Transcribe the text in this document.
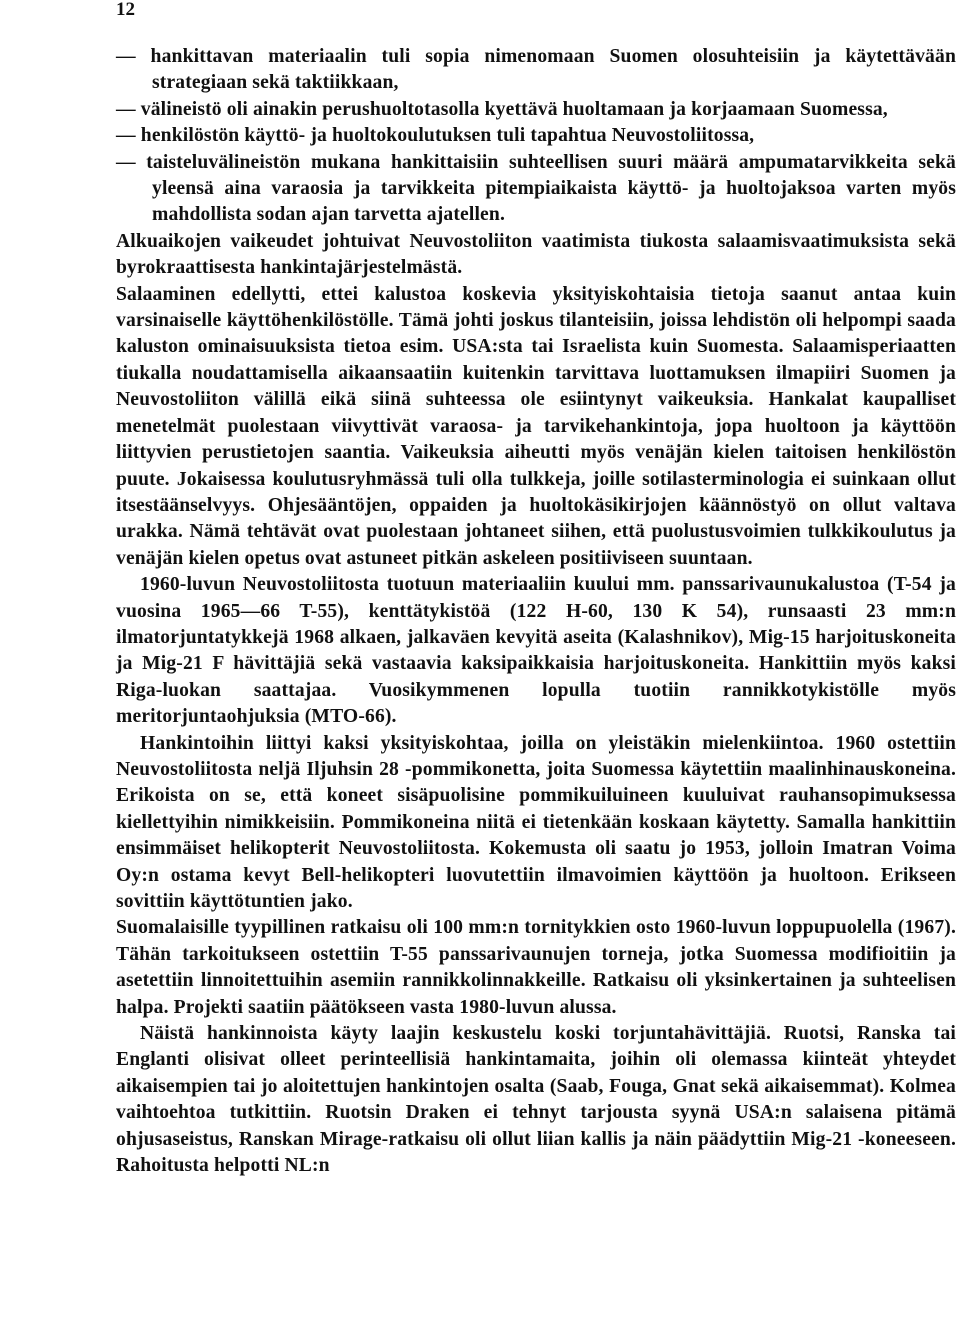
12

— hankittavan materiaalin tuli sopia nimenomaan Suomen olosuhteisiin ja käytettävään strategiaan sekä taktiikkaan,

— välineistö oli ainakin perushuoltotasolla kyettävä huoltamaan ja korjaamaan Suomessa,

— henkilöstön käyttö- ja huoltokoulutuksen tuli tapahtua Neuvostoliitossa,

— taisteluvälineistön mukana hankittaisiin suhteellisen suuri määrä ampumatarvikkeita sekä yleensä aina varaosia ja tarvikkeita pitempiaikaista käyttö- ja huoltojaksoa varten myös mahdollista sodan ajan tarvetta ajatellen.

Alkuaikojen vaikeudet johtuivat Neuvostoliiton vaatimista tiukosta salaamisvaatimuksista sekä byrokraattisesta hankintajärjestelmästä.

Salaaminen edellytti, ettei kalustoa koskevia yksityiskohtaisia tietoja saanut antaa kuin varsinaiselle käyttöhenkilöstölle. Tämä johti joskus tilanteisiin, joissa lehdistön oli helpompi saada kaluston ominaisuuksista tietoa esim. USA:sta tai Israelista kuin Suomesta. Salaamisperiaatten tiukalla noudattamisella aikaansaatiin kuitenkin tarvittava luottamuksen ilmapiiri Suomen ja Neuvostoliiton välillä eikä siinä suhteessa ole esiintynyt vaikeuksia. Hankalat kaupalliset menetelmät puolestaan viivyttivät varaosa- ja tarvikehankintoja, jopa huoltoon ja käyttöön liittyvien perustietojen saantia. Vaikeuksia aiheutti myös venäjän kielen taitoisen henkilöstön puute. Jokaisessa koulutusryhmässä tuli olla tulkkeja, joille sotilasterminologia ei suinkaan ollut itsestäänselvyys. Ohjesääntöjen, oppaiden ja huoltokäsikirjojen käännöstyö on ollut valtava urakka. Nämä tehtävät ovat puolestaan johtaneet siihen, että puolustusvoimien tulkkikoulutus ja venäjän kielen opetus ovat astuneet pitkän askeleen positiiviseen suuntaan.

1960-luvun Neuvostoliitosta tuotuun materiaaliin kuului mm. panssarivaunukalustoa (T-54 ja vuosina 1965—66 T-55), kenttätykistöä (122 H-60, 130 K 54), runsaasti 23 mm:n ilmatorjuntatykkejä 1968 alkaen, jalkaväen kevyitä aseita (Kalashnikov), Mig-15 harjoituskoneita ja Mig-21 F hävittäjiä sekä vastaavia kaksipaikkaisia harjoituskoneita. Hankittiin myös kaksi Riga-luokan saattajaa. Vuosikymmenen lopulla tuotiin rannikkotykistölle myös meritorjuntaohjuksia (MTO-66).

Hankintoihin liittyi kaksi yksityiskohtaa, joilla on yleistäkin mielenkiintoa. 1960 ostettiin Neuvostoliitosta neljä Iljuhsin 28 -pommikonetta, joita Suomessa käytettiin maalinhinauskoneina. Erikoista on se, että koneet sisäpuolisine pommikuiluineen kuuluivat rauhansopimuksessa kiellettyihin nimikkeisiin. Pommikoneina niitä ei tietenkään koskaan käytetty. Samalla hankittiin ensimmäiset helikopterit Neuvostoliitosta. Kokemusta oli saatu jo 1953, jolloin Imatran Voima Oy:n ostama kevyt Bell-helikopteri luovutettiin ilmavoimien käyttöön ja huoltoon. Erikseen sovittiin käyttötuntien jako.

Suomalaisille tyypillinen ratkaisu oli 100 mm:n tornitykkien osto 1960-luvun loppupuolella (1967). Tähän tarkoitukseen ostettiin T-55 panssarivaunujen torneja, jotka Suomessa modifioitiin ja asetettiin linnoitettuihin asemiin rannikkolinnakkeille. Ratkaisu oli yksinkertainen ja suhteelisen halpa. Projekti saatiin päätökseen vasta 1980-luvun alussa.

Näistä hankinnoista käyty laajin keskustelu koski torjuntahävittäjiä. Ruotsi, Ranska tai Englanti olisivat olleet perinteellisiä hankintamaita, joihin oli olemassa kiinteät yhteydet aikaisempien tai jo aloitettujen hankintojen osalta (Saab, Fouga, Gnat sekä aikaisemmat). Kolmea vaihtoehtoa tutkittiin. Ruotsin Draken ei tehnyt tarjousta syynä USA:n salaisena pitämä ohjusaseistus, Ranskan Mirage-ratkaisu oli ollut liian kallis ja näin päädyttiin Mig-21 -koneeseen. Rahoitusta helpotti NL:n
